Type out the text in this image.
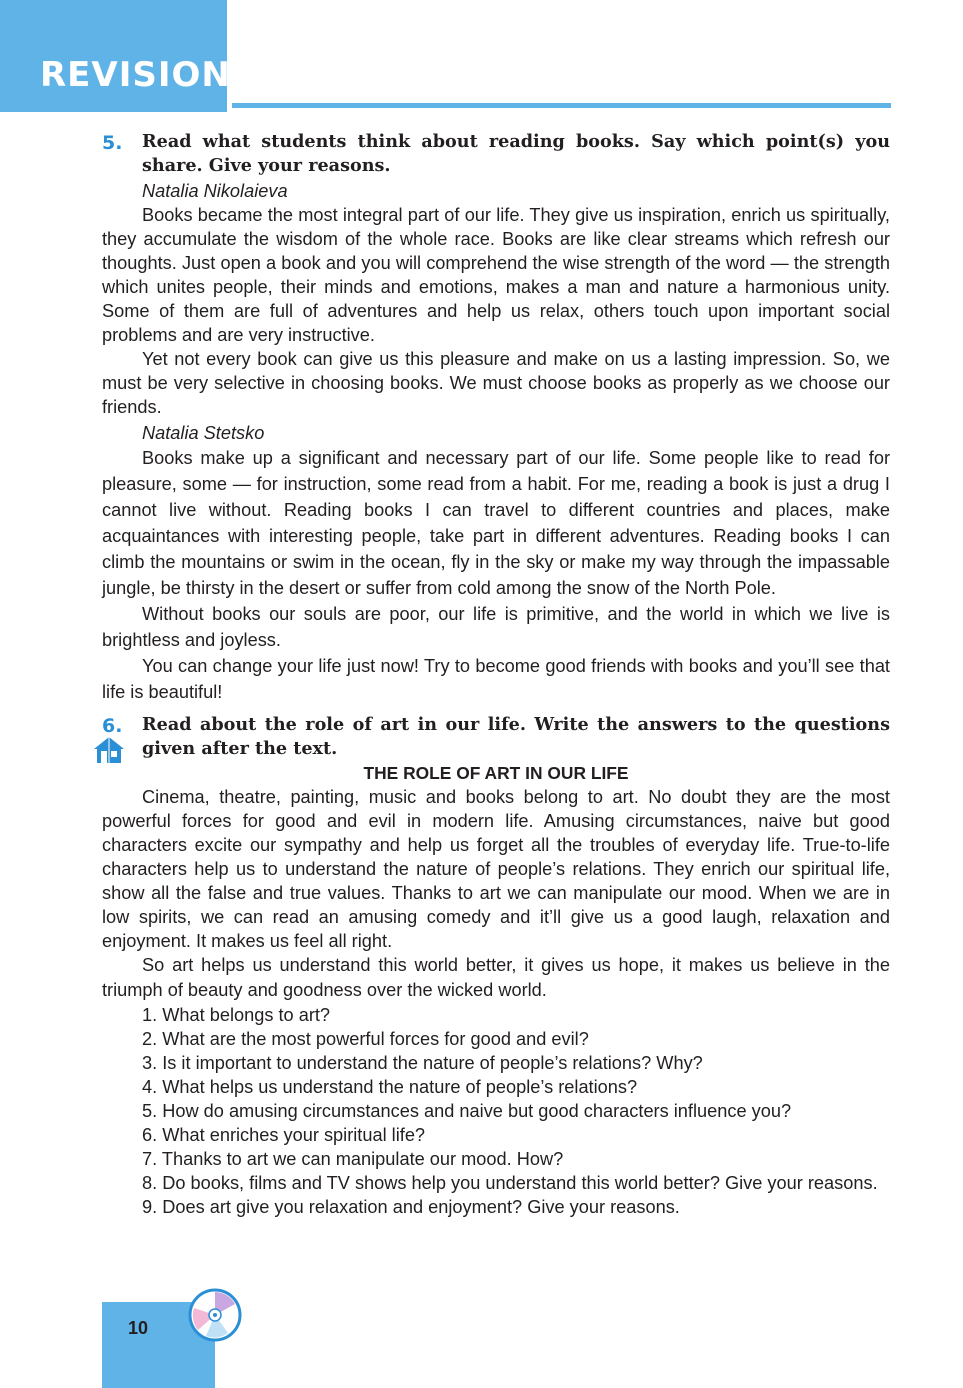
REVISION
5. Read what students think about reading books. Say which point(s) you share. Give your reasons.
Natalia Nikolaieva

Books became the most integral part of our life. They give us inspiration, enrich us spiritually, they accumulate the wisdom of the whole race. Books are like clear streams which refresh our thoughts. Just open a book and you will comprehend the wise strength of the word — the strength which unites people, their minds and emotions, makes a man and nature a harmonious unity. Some of them are full of adventures and help us relax, others touch upon important social problems and are very instructive.

Yet not every book can give us this pleasure and make on us a lasting impression. So, we must be very selective in choosing books. We must choose books as properly as we choose our friends.

Natalia Stetsko

Books make up a significant and necessary part of our life. Some people like to read for pleasure, some — for instruction, some read from a habit. For me, reading a book is just a drug I cannot live without. Reading books I can travel to different countries and places, make acquaintances with interesting people, take part in different adventures. Reading books I can climb the mountains or swim in the ocean, fly in the sky or make my way through the impassable jungle, be thirsty in the desert or suffer from cold among the snow of the North Pole.

Without books our souls are poor, our life is primitive, and the world in which we live is brightless and joyless.

You can change your life just now! Try to become good friends with books and you’ll see that life is beautiful!

6. Read about the role of art in our life. Write the answers to the questions given after the text.
THE ROLE OF ART IN OUR LIFE

Cinema, theatre, painting, music and books belong to art. No doubt they are the most powerful forces for good and evil in modern life. Amusing circumstances, naive but good characters excite our sympathy and help us forget all the troubles of everyday life. True-to-life characters help us to understand the nature of people’s relations. They enrich our spiritual life, show all the false and true values. Thanks to art we can manipulate our mood. When we are in low spirits, we can read an amusing comedy and it’ll give us a good laugh, relaxation and enjoyment. It makes us feel all right.

So art helps us understand this world better, it gives us hope, it makes us believe in the triumph of beauty and goodness over the wicked world.

1. What belongs to art?

2. What are the most powerful forces for good and evil?

3. Is it important to understand the nature of people’s relations? Why?

4. What helps us understand the nature of people’s relations?

5. How do amusing circumstances and naive but good characters influence you?

6. What enriches your spiritual life?

7. Thanks to art we can manipulate our mood. How?

8. Do books, films and TV shows help you understand this world better? Give your reasons.

9. Does art give you relaxation and enjoyment? Give your reasons.

10
